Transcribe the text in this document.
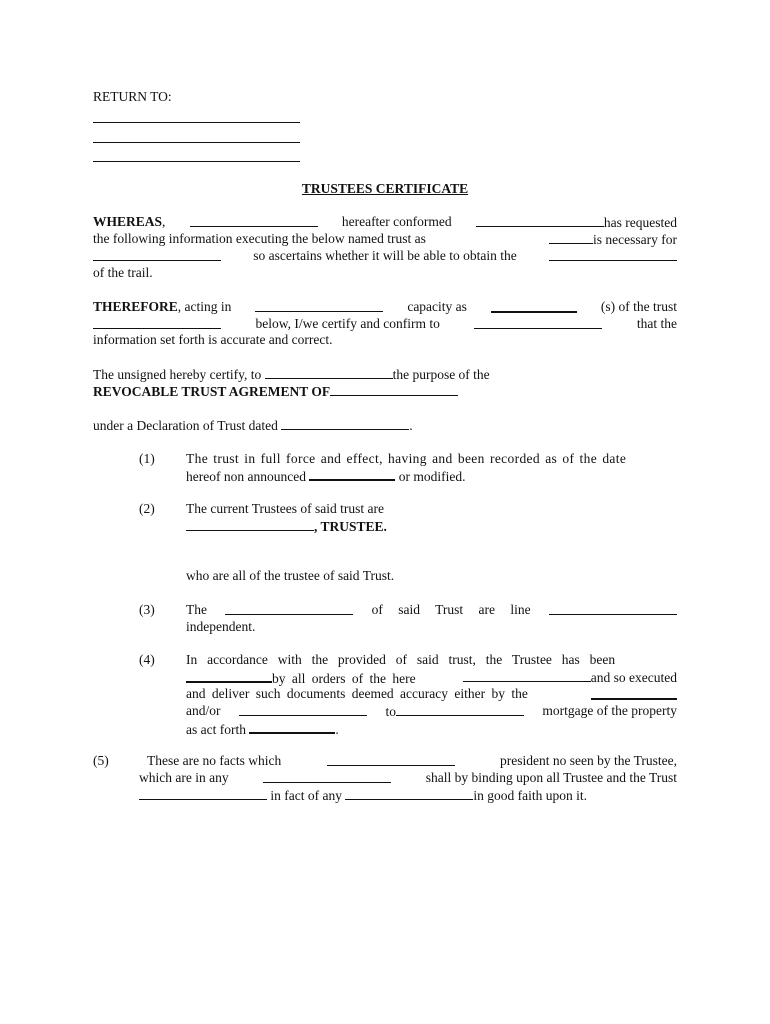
RETURN TO:
TRUSTEES CERTIFICATE
WHEREAS,	hereafter conformed	has requested
the following information executing the below named trust as	is necessary for
so ascertains whether it will be able to obtain the
of the trail.
THEREFORE, acting in	capacity as	(s) of the trust
below, I/we certify and confirm to	that the
information set forth is accurate and correct.
The unsigned hereby certify, to	the purpose of the
REVOCABLE TRUST AGREMENT OF
under a Declaration of Trust dated	.
(1) The trust in full force and effect, having and been recorded as of the date
hereof non announced	or modified.
(2) The current Trustees of said trust are
, TRUSTEE.
who are all of the trustee of said Trust.
(3) The	of said Trust are line
independent.
(4) In accordance with the provided of said trust, the Trustee has been
by all orders of the here	and so executed
and deliver such documents deemed accuracy either by the
and/or	to	mortgage of the property
as act forth	.
(5)	These are no facts which	president no seen by the Trustee,
which are in any	shall by binding upon all Trustee and the Trust
in fact of any	in good faith upon it.
